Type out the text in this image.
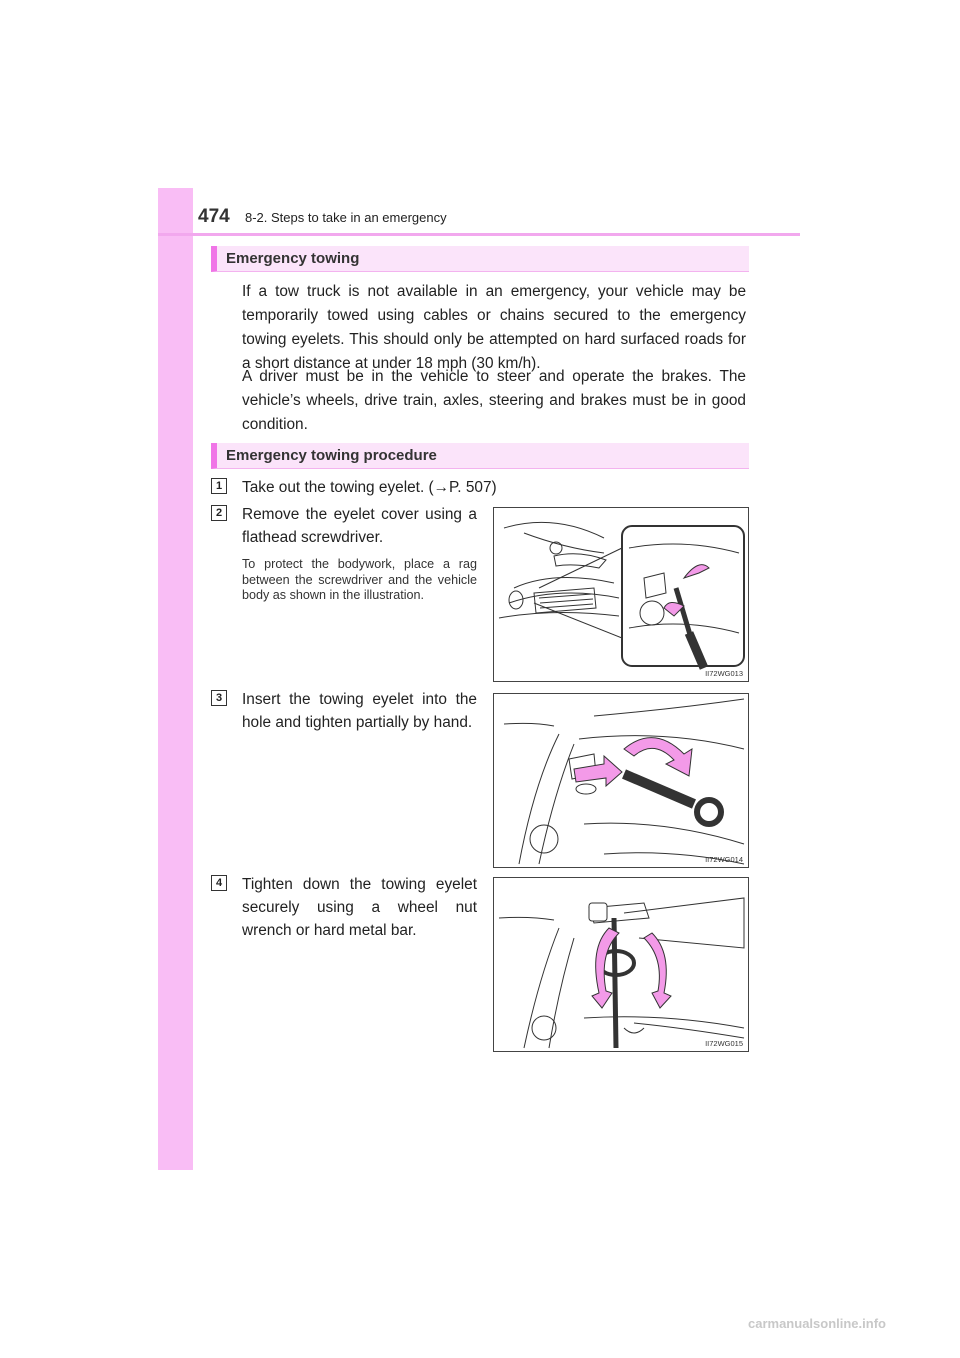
474 8-2. Steps to take in an emergency
Emergency towing
If a tow truck is not available in an emergency, your vehicle may be temporarily towed using cables or chains secured to the emergency towing eyelets. This should only be attempted on hard surfaced roads for a short distance at under 18 mph (30 km/h).
A driver must be in the vehicle to steer and operate the brakes. The vehicle’s wheels, drive train, axles, steering and brakes must be in good condition.
Emergency towing procedure
1	Take out the towing eyelet. (→P. 507)
2	Remove the eyelet cover using a flathead screwdriver.
To protect the bodywork, place a rag between the screwdriver and the vehicle body as shown in the illustration.
II72WG013
3	Insert the towing eyelet into the hole and tighten partially by hand.
II72WG014
4	Tighten down the towing eyelet securely using a wheel nut wrench or hard metal bar.
II72WG015
carmanualsonline.info
